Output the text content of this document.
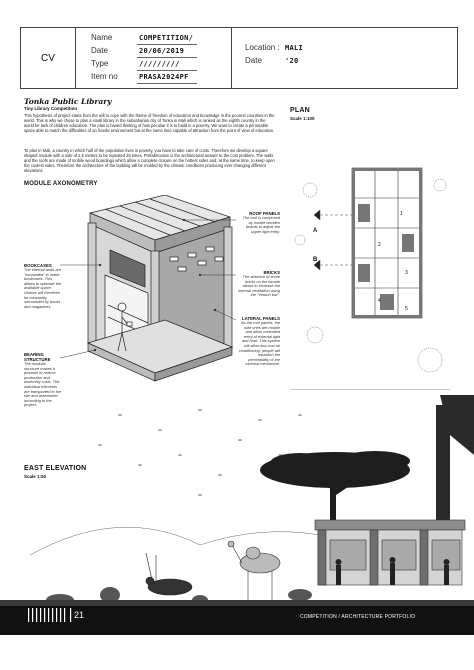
CV
Name	COMPETITION/
Date	20/06/2019
Type	/////////
Item no	PRASA2024PF
Location : MALI
Date	'20
Tonka Public Library
Tiny Library Competition
This hypothesis of project starts from the will to cope with the theme of freedom of education and knowledge in the poorest countries in the world. This is why we chose to plan a small library in the subsaharian city of Tonka in Mali which is ranked as the eighth country in the world for lack of children education. The plan is based thinking of how peculiar it is to build in a poverty. We want to create a permeable space able to match the difficulties of an hostile environment but at the same time capable of attraction from the point of view of education.
To plan in Mali, a country in which half of the population lives in poverty, you have to take care of costs. Therefore we develop a square shaped module with a side of 2,5 meters to be repeated 25 times. Prefabrication is the architectural answer to the cost problem. The walls and the roofs are made of mobile wood boardings which allow a complete closure on the hottest sides and, at the same time, to keep open the coolest sides. Therefore the architecture of the building will be molded by the climatic conditions producing ever changing different elevations.
MODULE AXONOMETRY
ROOF PANELS
The roof is composed by mobile wooden boards to adjust the upper light entry.
BRICKS
The absence of some bricks on the facade allows to increase the internal ventilation using the "Venturi law".
LATERAL PANELS
As the roof panels, the side ones are mobile and allow controlled entry of external light and heat. This system will allow low-cost air conditioning: people will establish the permeability of the external membrane.
BOOKCASES
The internal walls are "excavated" to make bookcases. This allows to optimize the available space. Visitors will therefore be constantly surrounded by books and magazines.
BEARING STRUCTURE
The modular structure makes it possible to reduce production and assembly costs. The individual elements are transported to the site and assembled according to the project.
PLAN
Scale 1:100
A
B
1
2
3
4
5
EAST ELEVATION
Scale 1:50
21	COMPETITION / ARCHITECTURE PORTFOLIO
